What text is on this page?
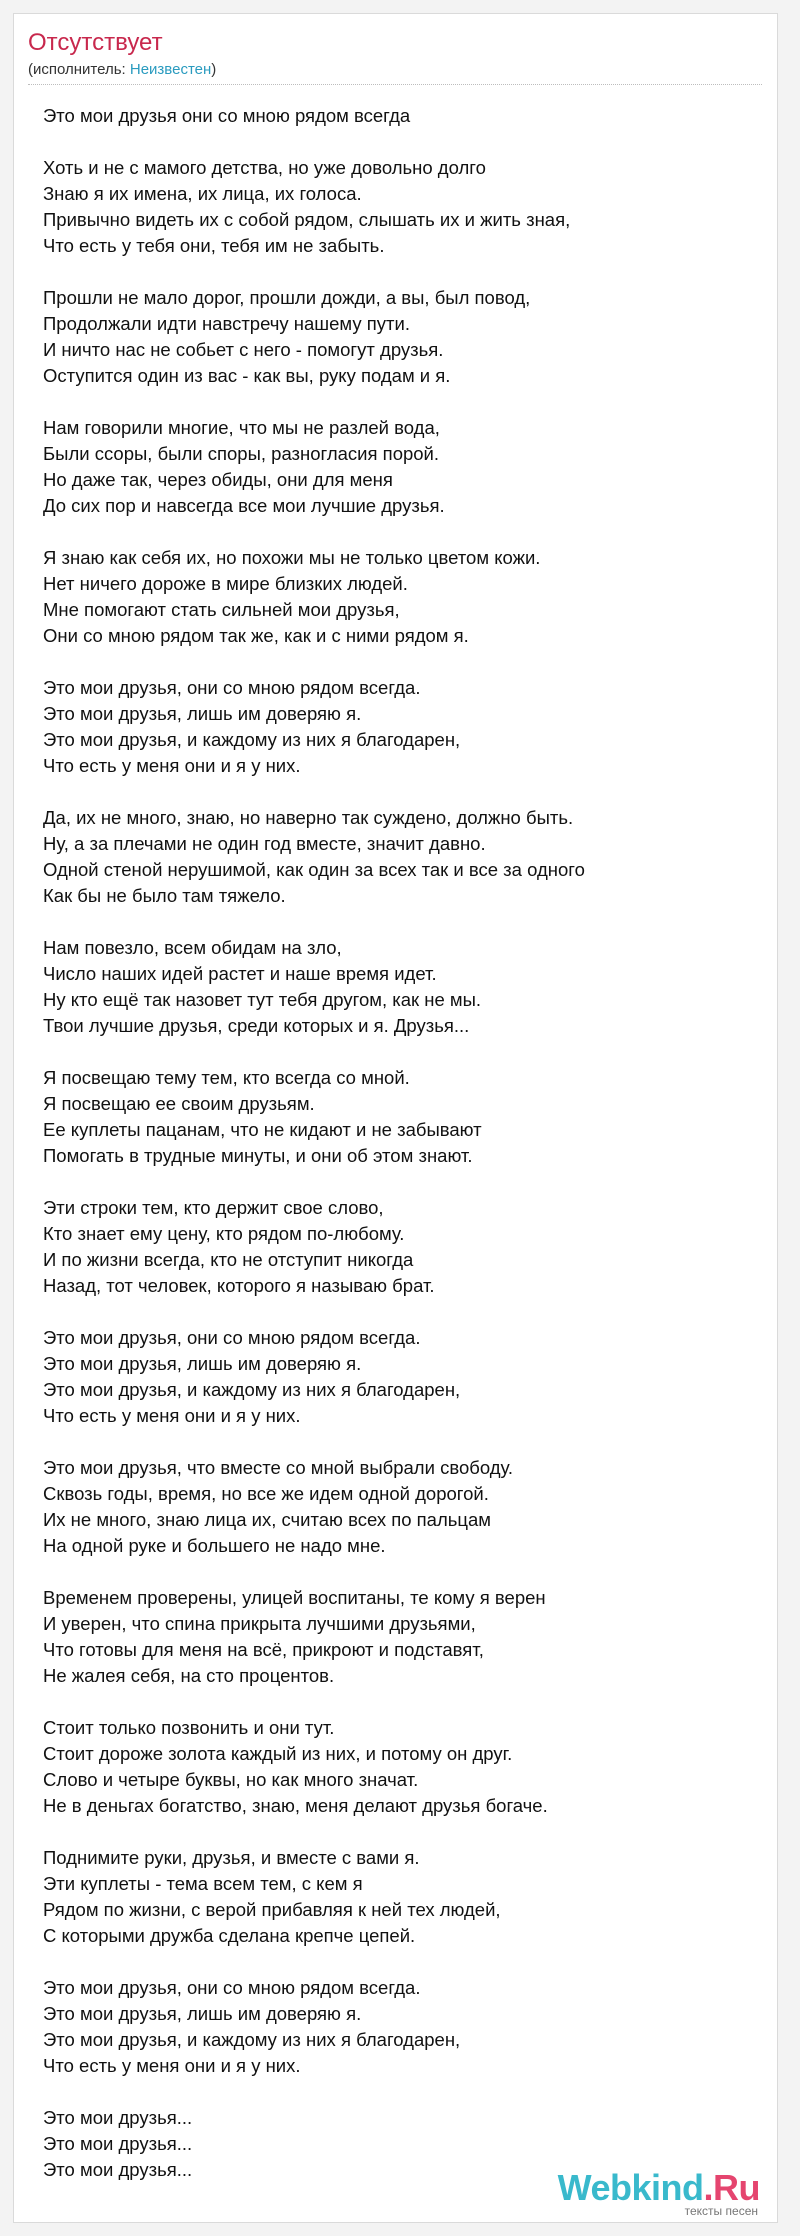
Отсутствует
(исполнитель: Неизвестен)
Это мои друзья они со мною рядом всегда
Хоть и не с мамого детства, но уже довольно долго
Знаю я их имена, их лица, их голоса.
Привычно видеть их с собой рядом, слышать их и жить зная,
Что есть у тебя они, тебя им не забыть.
Прошли не мало дорог, прошли дожди, а вы, был повод,
Продолжали идти навстречу нашему пути.
И ничто нас не собьет с него - помогут друзья.
Оступится один из вас - как вы, руку подам и я.
Нам говорили многие, что мы не разлей вода,
Были ссоры, были споры, разногласия порой.
Но даже так, через обиды, они для меня
До сих пор и навсегда все мои лучшие друзья.
Я знаю как себя их, но похожи мы не только цветом кожи.
Нет ничего дороже в мире близких людей.
Мне помогают стать сильней мои друзья,
Они со мною рядом так же, как и с ними рядом я.
Это мои друзья, они со мною рядом всегда.
Это мои друзья, лишь им доверяю я.
Это мои друзья, и каждому из них я благодарен,
Что есть у меня они и я у них.
Да, их не много, знаю, но наверно так суждено, должно быть.
Ну, а за плечами не один год вместе, значит давно.
Одной стеной нерушимой, как один за всех так и все за одного
Как бы не было там тяжело.
Нам повезло, всем обидам на зло,
Число наших идей растет и наше время идет.
Ну кто ещё так назовет тут тебя другом, как не мы.
Твои лучшие друзья, среди которых и я. Друзья...
Я посвещаю тему тем, кто всегда со мной.
Я посвещаю ее своим друзьям.
Ее куплеты пацанам, что не кидают и не забывают
Помогать в трудные минуты, и они об этом знают.
Эти строки тем, кто держит свое слово,
Кто знает ему цену, кто рядом по-любому.
И по жизни всегда, кто не отступит никогда
Назад, тот человек, которого я называю брат.
Это мои друзья, они со мною рядом всегда.
Это мои друзья, лишь им доверяю я.
Это мои друзья, и каждому из них я благодарен,
Что есть у меня они и я у них.
Это мои друзья, что вместе со мной выбрали свободу.
Сквозь годы, время, но все же идем одной дорогой.
Их не много, знаю лица их, считаю всех по пальцам
На одной руке и большего не надо мне.
Временем проверены, улицей воспитаны, те кому я верен
И уверен, что спина прикрыта лучшими друзьями,
Что готовы для меня на всё, прикроют и подставят,
Не жалея себя, на сто процентов.
Стоит только позвонить и они тут.
Стоит дороже золота каждый из них, и потому он друг.
Слово и четыре буквы, но как много значат.
Не в деньгах богатство, знаю, меня делают друзья богаче.
Поднимите руки, друзья, и вместе с вами я.
Эти куплеты - тема всем тем, с кем я
Рядом по жизни, с верой прибавляя к ней тех людей,
С которыми дружба сделана крепче цепей.
Это мои друзья, они со мною рядом всегда.
Это мои друзья, лишь им доверяю я.
Это мои друзья, и каждому из них я благодарен,
Что есть у меня они и я у них.
Это мои друзья...
Это мои друзья...
Это мои друзья...	Webkind.Ru
тексты песен
